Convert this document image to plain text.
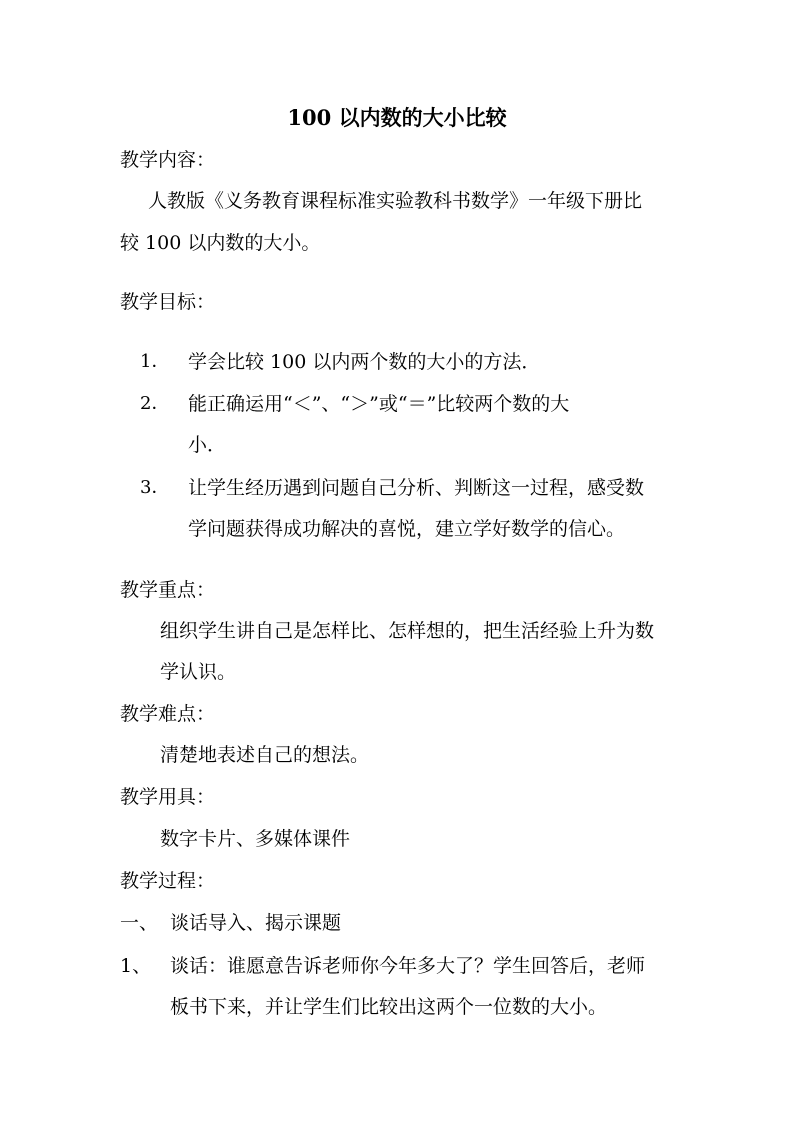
100 以内数的大小比较
教学内容：
人教版《义务教育课程标准实验教科书数学》一年级下册比
较 100 以内数的大小。
教学目标：
1． 学会比较 100 以内两个数的大小的方法．
2． 能正确运用“＜”、“＞”或“＝”比较两个数的大
小．
3． 让学生经历遇到问题自己分析、判断这一过程，感受数
学问题获得成功解决的喜悦，建立学好数学的信心。
教学重点：
组织学生讲自己是怎样比、怎样想的，把生活经验上升为数
学认识。
教学难点：
清楚地表述自己的想法。
教学用具：
数字卡片、多媒体课件
教学过程：
一、 谈话导入、揭示课题
1、 谈话：谁愿意告诉老师你今年多大了？学生回答后，老师
板书下来，并让学生们比较出这两个一位数的大小。
